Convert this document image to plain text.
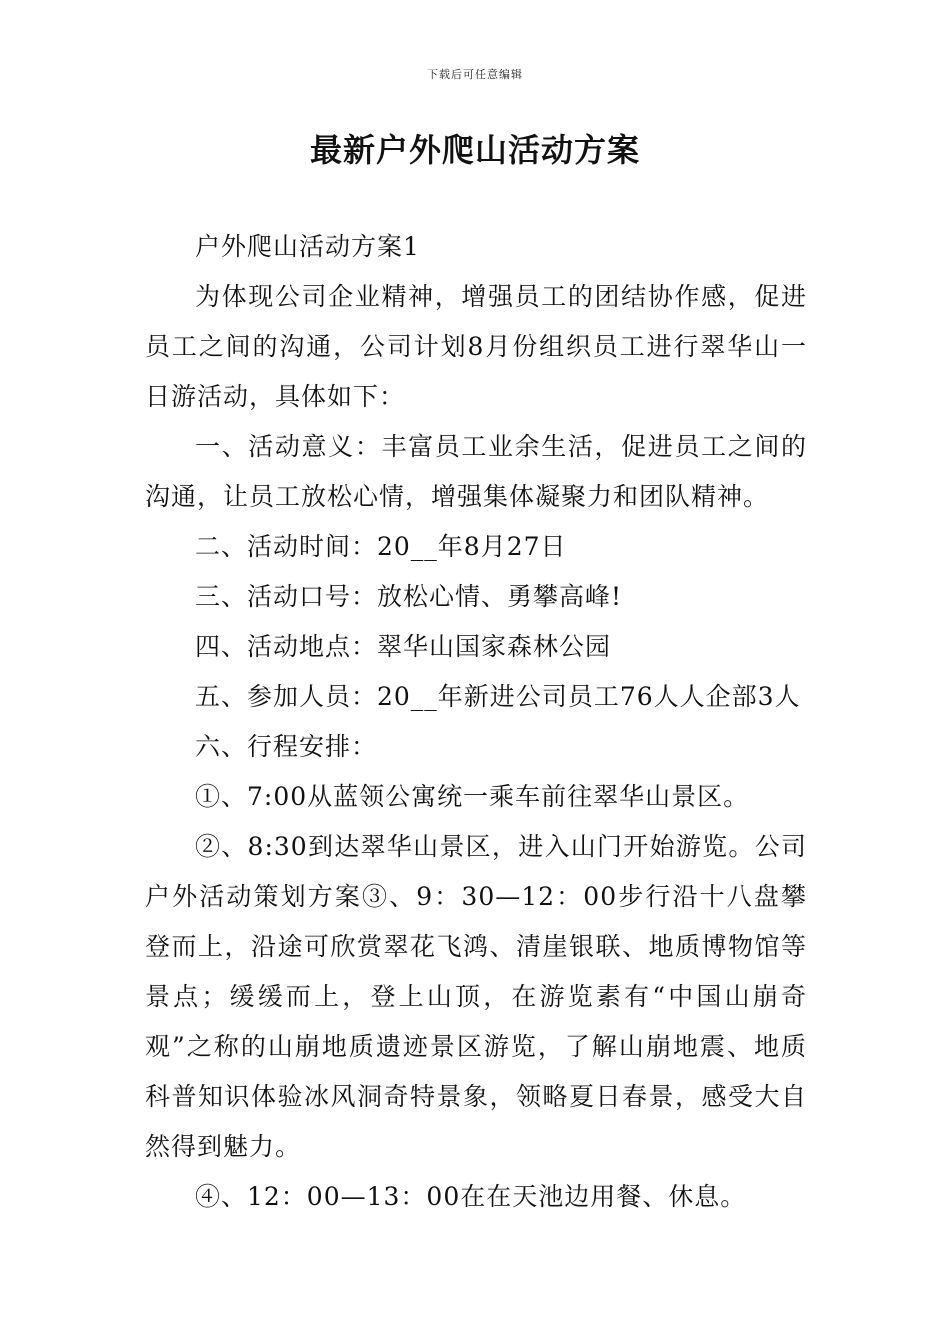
下载后可任意编辑
最新户外爬山活动方案

户外爬山活动方案1

为体现公司企业精神，增强员工的团结协作感，促进员工之间的沟通，公司计划8月份组织员工进行翠华山一日游活动，具体如下：

一、活动意义：丰富员工业余生活，促进员工之间的沟通，让员工放松心情，增强集体凝聚力和团队精神。

二、活动时间：20__年8月27日

三、活动口号：放松心情、勇攀高峰!

四、活动地点：翠华山国家森林公园

五、参加人员：20__年新进公司员工76人人企部3人

六、行程安排：

①、7:00从蓝领公寓统一乘车前往翠华山景区。

②、8:30到达翠华山景区，进入山门开始游览。公司户外活动策划方案③、9：30—12：00步行沿十八盘攀登而上，沿途可欣赏翠花飞鸿、清崖银联、地质博物馆等景点；缓缓而上，登上山顶，在游览素有“中国山崩奇观”之称的山崩地质遗迹景区游览，了解山崩地震、地质科普知识体验冰风洞奇特景象，领略夏日春景，感受大自然得到魅力。

④、12：00—13：00在在天池边用餐、休息。
